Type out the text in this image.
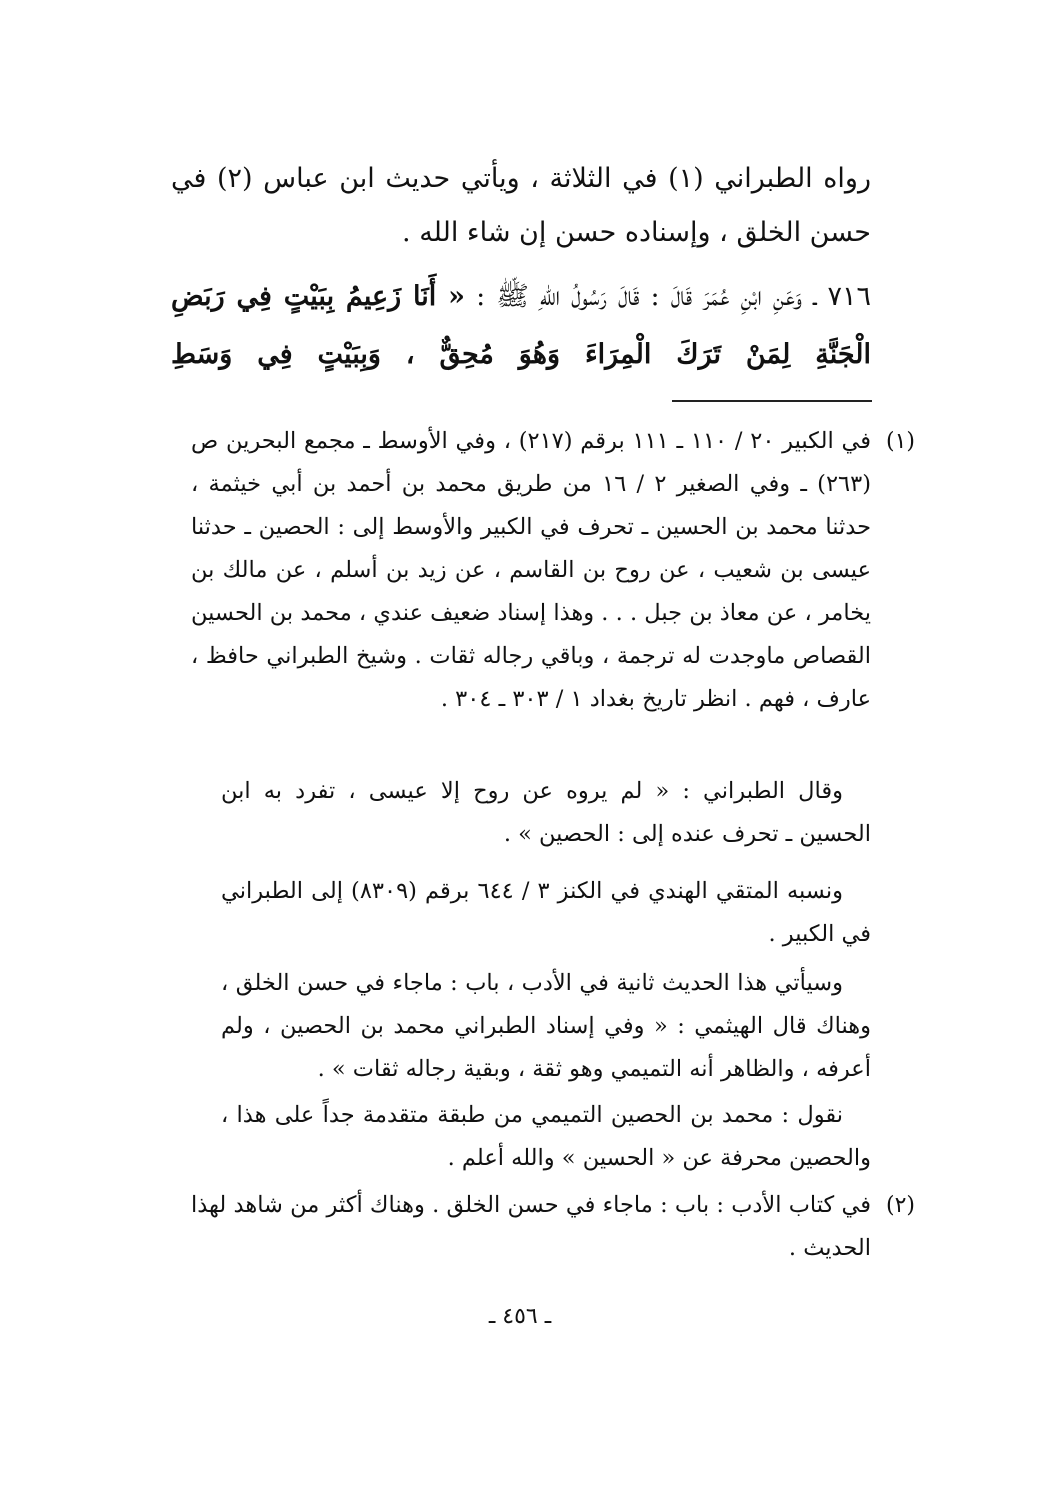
رواه الطبراني (١) في الثلاثة ، ويأتي حديث ابن عباس (٢) في حسن الخلق ، وإسناده حسن إن شاء الله .
٧١٦ ـ وَعَنِ ابْنِ عُمَرَ قَالَ : قَالَ رَسُولُ اللهِ ﷺ : « أَنَا زَعِيمُ بِبَيْتٍ فِي رَبَضِ الْجَنَّةِ لِمَنْ تَرَكَ الْمِرَاءَ وَهُوَ مُحِقٌّ ، وَبِبَيْتٍ فِي وَسَطِ
(١)
في الكبير ٢٠ / ١١٠ ـ ١١١ برقم (٢١٧) ، وفي الأوسط ـ مجمع البحرين ص (٢٦٣) ـ وفي الصغير ٢ / ١٦ من طريق محمد بن أحمد بن أبي خيثمة ، حدثنا محمد بن الحسين ـ تحرف في الكبير والأوسط إلى : الحصين ـ حدثنا عيسى بن شعيب ، عن روح بن القاسم ، عن زيد بن أسلم ، عن مالك بن يخامر ، عن معاذ بن جبل . . . وهذا إسناد ضعيف عندي ، محمد بن الحسين القصاص ماوجدت له ترجمة ، وباقي رجاله ثقات . وشيخ الطبراني حافظ ، عارف ، فهم . انظر تاريخ بغداد ١ / ٣٠٣ ـ ٣٠٤ .
وقال الطبراني : « لم يروه عن روح إلا عيسى ، تفرد به ابن الحسين ـ تحرف عنده إلى : الحصين » .
ونسبه المتقي الهندي في الكنز ٣ / ٦٤٤ برقم (٨٣٠٩) إلى الطبراني في الكبير .
وسيأتي هذا الحديث ثانية في الأدب ، باب : ماجاء في حسن الخلق ، وهناك قال الهيثمي : « وفي إسناد الطبراني محمد بن الحصين ، ولم أعرفه ، والظاهر أنه التميمي وهو ثقة ، وبقية رجاله ثقات » .
نقول : محمد بن الحصين التميمي من طبقة متقدمة جداً على هذا ، والحصين محرفة عن « الحسين » والله أعلم .
(٢)
في كتاب الأدب : باب : ماجاء في حسن الخلق . وهناك أكثر من شاهد لهذا الحديث .
ـ ٤٥٦ ـ
